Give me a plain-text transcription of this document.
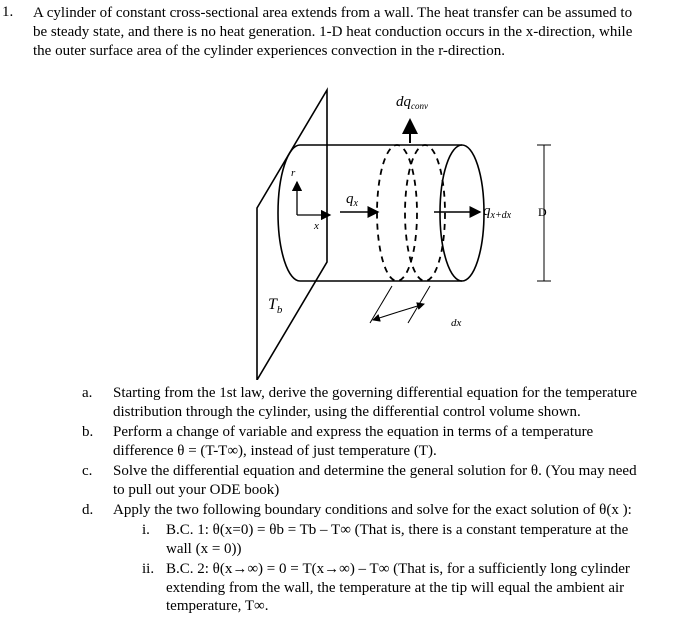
1. A cylinder of constant cross-sectional area extends from a wall. The heat transfer can be assumed to
be steady state, and there is no heat generation. 1-D heat conduction occurs in the x-direction, while
the outer surface area of the cylinder experiences convection in the r-direction.
$dq_{conv}$
r
x
$q_x$	$q_{x+dx}$ D
$T_b$
dx
a.	Starting from the 1st law, derive the governing differential equation for the temperature
distribution through the cylinder, using the differential control volume shown.
b.	Perform a change of variable and express the equation in terms of a temperature
difference θ = (T-T∞), instead of just temperature (T).
c.	Solve the differential equation and determine the general solution for θ. (You may need
to pull out your ODE book)
d.	Apply the two following boundary conditions and solve for the exact solution of θ(x ):
i. B.C. 1: θ(x=0) = θb = Tb – T∞ (That is, there is a constant temperature at the
wall (x = 0))
ii. B.C. 2: θ(x→∞) = 0 = T(x→∞) – T∞ (That is, for a sufficiently long cylinder
extending from the wall, the temperature at the tip will equal the ambient air
temperature, T∞.
